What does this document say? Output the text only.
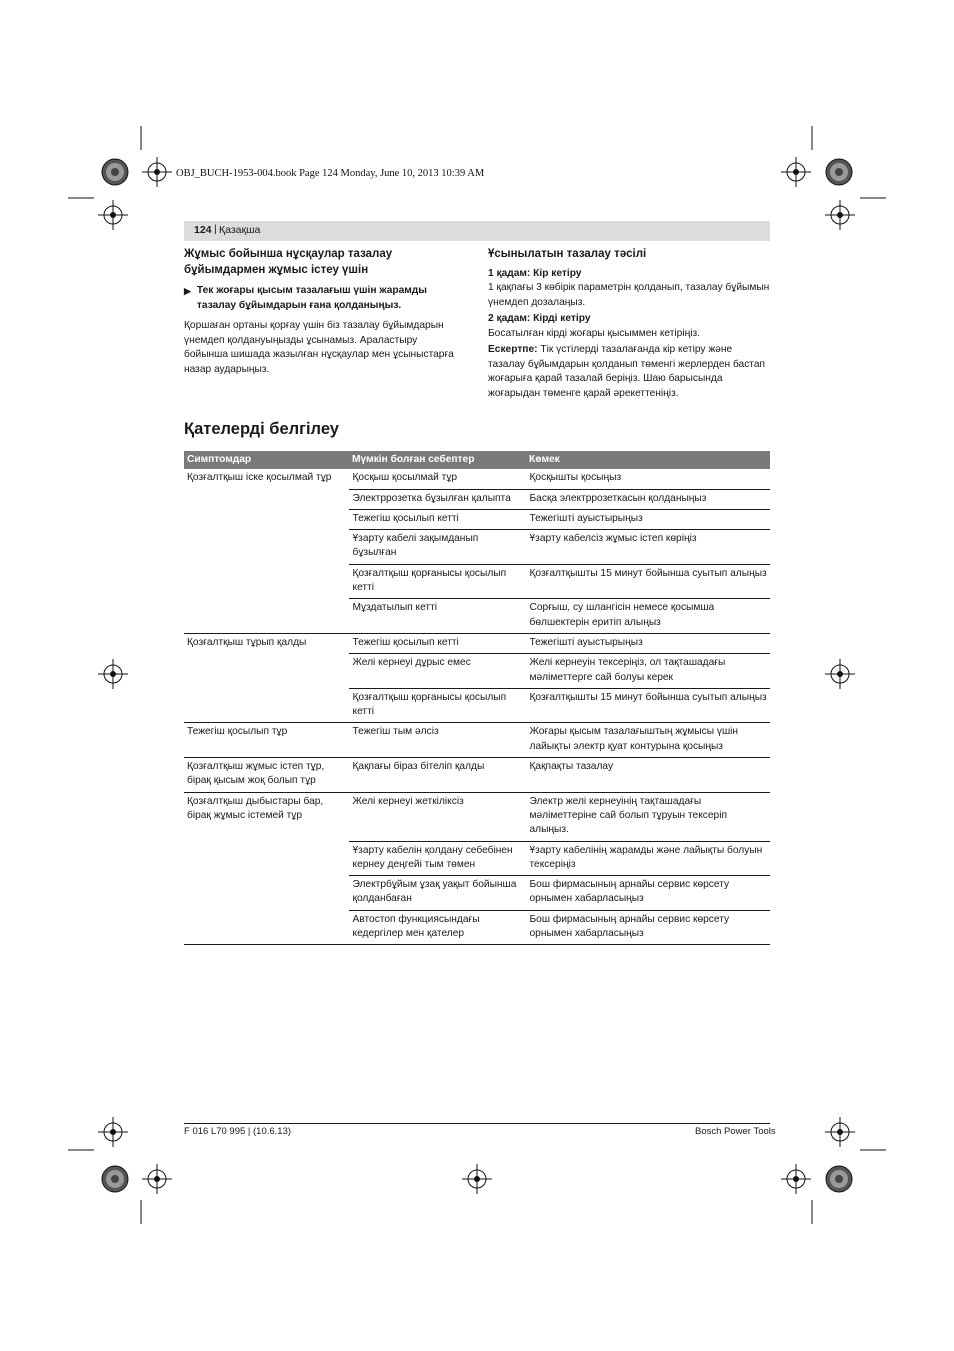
OBJ_BUCH-1953-004.book Page 124 Monday, June 10, 2013 10:39 AM
124 | Қазақша
Жұмыс бойынша нұсқаулар тазалау бұйымдармен жұмыс істеу үшін
▶ Тек жоғары қысым тазалағыш үшін жарамды тазалау бұйымдарын ғана қолданыңыз.
Қоршаған ортаны қорғау үшін біз тазалау бұйымдарын үнемдеп қолдануыңызды ұсынамыз. Араластыру бойынша шишада жазылған нұсқаулар мен ұсыныстарға назар аударыңыз.
Ұсынылатын тазалау тәсілі
1 қадам: Кір кетіру
1 қақпағы 3 көбірік параметрін қолданып, тазалау бұйымын үнемдеп дозалаңыз.
2 қадам: Кірді кетіру
Босатылған кірді жоғары қысыммен кетіріңіз.
Ескертпе: Тік үстілерді тазалағанда кір кетіру және тазалау бұйымдарын қолданып төменгі жерлерден бастап жоғарыға қарай тазалай беріңіз. Шаю барысында жоғарыдан төменге қарай әрекеттеніңіз.
Қателерді белгілеу
Симптомдар	Мүмкін болған себептер	Көмек
Қозғалтқыш іске қосылмай тұр	Қосқыш қосылмай тұр	Қосқышты қосыңыз
	Электррозетка бұзылған қалыпта	Басқа электррозеткасын қолданыңыз
	Тежегіш қосылып кетті	Тежегішті ауыстырыңыз
	Ұзарту кабелі зақымданып бұзылған	Ұзарту кабелсіз жұмыс істеп көріңіз
	Қозғалтқыш қорғанысы қосылып кетті	Қозғалтқышты 15 минут бойынша суытып алыңыз
	Мұздатылып кетті	Сорғыш, су шлангісін немесе қосымша бөлшектерін еритіп алыңыз
Қозғалтқыш тұрып қалды	Тежегіш қосылып кетті	Тежегішті ауыстырыңыз
	Желі кернеуі дұрыс емес	Желі кернеуін тексеріңіз, ол тақташадағы мәліметтерге сай болуы керек
	Қозғалтқыш қорғанысы қосылып кетті	Қозғалтқышты 15 минут бойынша суытып алыңыз
Тежегіш қосылып тұр	Тежегіш тым әлсіз	Жоғары қысым тазалағыштың жұмысы үшін лайықты электр қуат контурына қосыңыз
Қозғалтқыш жұмыс істеп тұр, бірақ қысым жоқ болып тұр	Қақпағы біраз бітеліп қалды	Қақпақты тазалау
Қозғалтқыш дыбыстары бар, бірақ жұмыс істемей тұр	Желі кернеуі жеткіліксіз	Электр желі кернеуінің тақташадағы мәліметтеріне сай болып тұруын тексеріп алыңыз.
	Ұзарту кабелін қолдану себебінен кернеу деңгейі тым төмен	Ұзарту кабелінің жарамды және лайықты болуын тексеріңіз
	Электрбұйым ұзақ уақыт бойынша қолданбаған	Бош фирмасының арнайы сервис көрсету орнымен хабарласыңыз
	Автостоп функциясындағы кедергілер мен қателер	Бош фирмасының арнайы сервис көрсету орнымен хабарласыңыз
F 016 L70 995 | (10.6.13)	Bosch Power Tools
